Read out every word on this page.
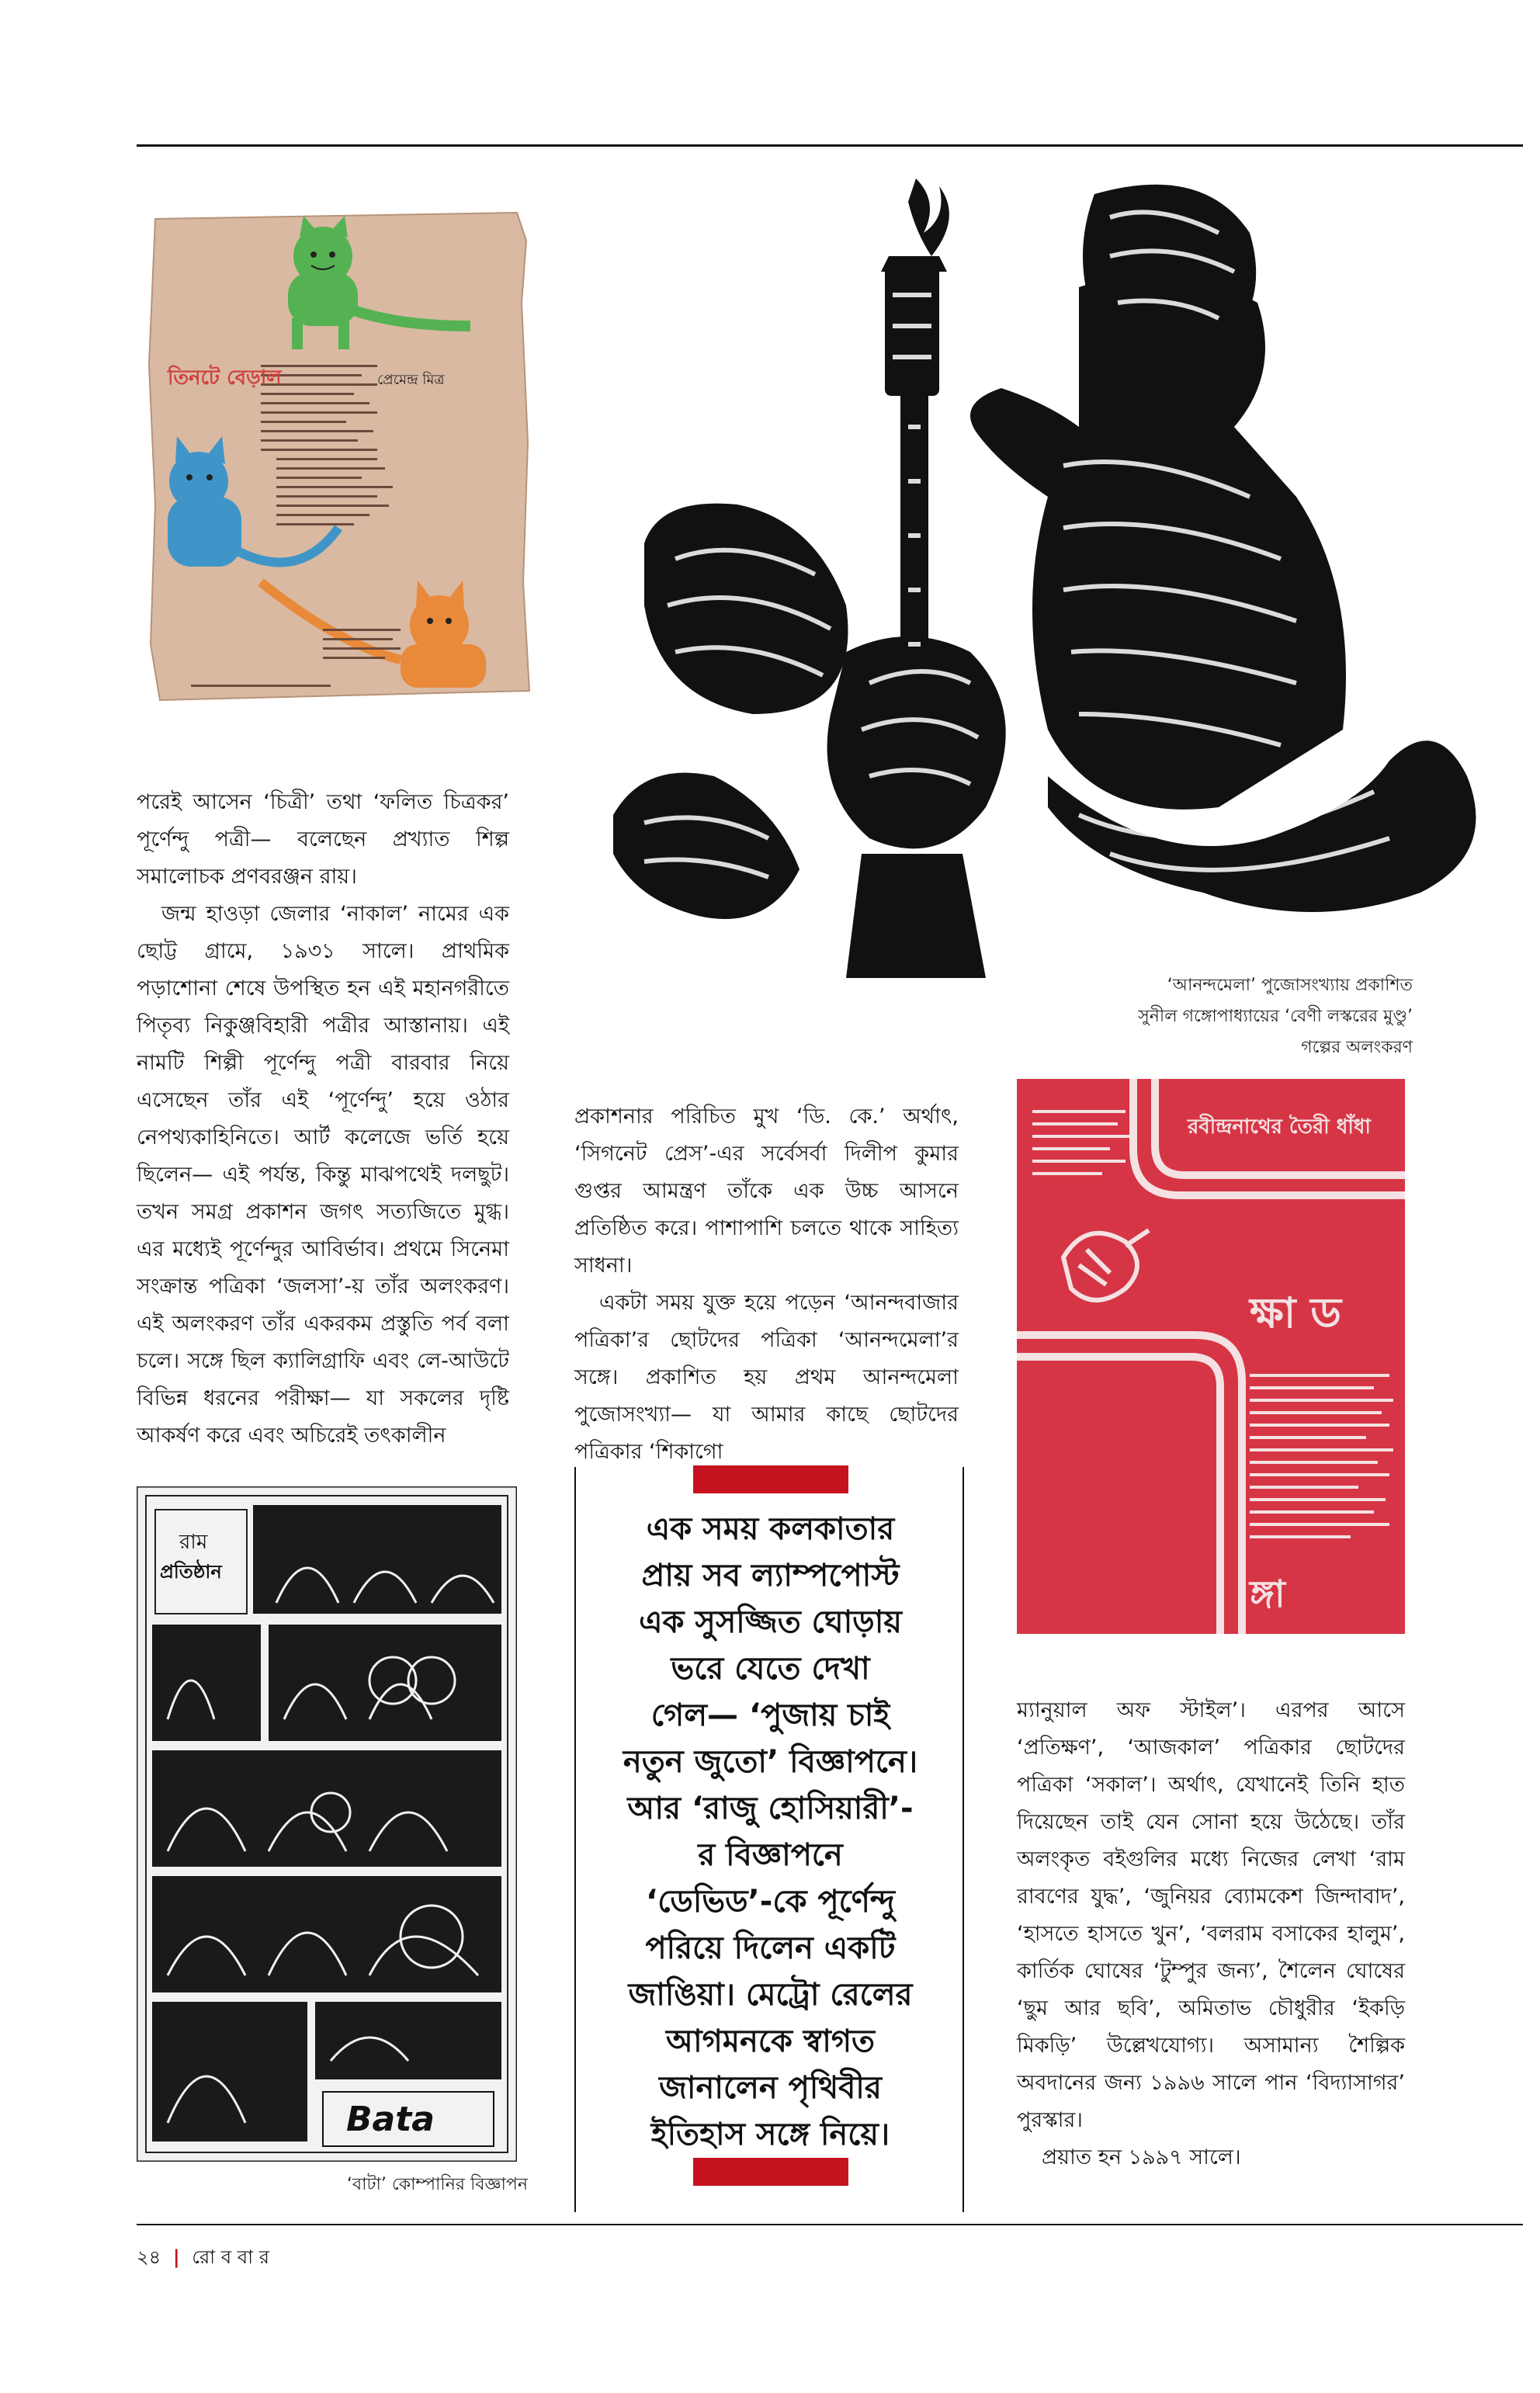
তিনটে বেড়াল	প্রেমেন্দ্র মিত্র
‘আনন্দমেলা’ পুজোসংখ্যায় প্রকাশিত
সুনীল গঙ্গোপাধ্যায়ের ‘বেণী লস্করের মুণ্ডু’
গল্পের অলংকরণ

পরেই আসেন ‘চিত্রী’ তথা ‘ফলিত চিত্রকর’ পূর্ণেন্দু পত্রী— বলেছেন প্রখ্যাত শিল্প সমালোচক প্রণবরঞ্জন রায়।

জন্ম হাওড়া জেলার ‘নাকাল’ নামের এক ছোট্ট গ্রামে, ১৯৩১ সালে। প্রাথমিক পড়াশোনা শেষে উপস্থিত হন এই মহানগরীতে পিতৃব্য নিকুঞ্জবিহারী পত্রীর আস্তানায়। এই নামটি শিল্পী পূর্ণেন্দু পত্রী বারবার নিয়ে এসেছেন তাঁর এই ‘পূর্ণেন্দু’ হয়ে ওঠার নেপথ্যকাহিনিতে। আর্ট কলেজে ভর্তি হয়ে ছিলেন— এই পর্যন্ত, কিন্তু মাঝপথেই দলছুট। তখন সমগ্র প্রকাশন জগৎ সত্যজিতে মুগ্ধ। এর মধ্যেই পূর্ণেন্দুর আবির্ভাব। প্রথমে সিনেমা সংক্রান্ত পত্রিকা ‘জলসা’-য় তাঁর অলংকরণ। এই অলংকরণ তাঁর একরকম প্রস্তুতি পর্ব বলা চলে। সঙ্গে ছিল ক্যালিগ্রাফি এবং লে-আউটে বিভিন্ন ধরনের পরীক্ষা— যা সকলের দৃষ্টি আকর্ষণ করে এবং অচিরেই তৎকালীন

প্রকাশনার পরিচিত মুখ ‘ডি. কে.’ অর্থাৎ, ‘সিগনেট প্রেস’-এর সর্বেসর্বা দিলীপ কুমার গুপ্তর আমন্ত্রণ তাঁকে এক উচ্চ আসনে প্রতিষ্ঠিত করে। পাশাপাশি চলতে থাকে সাহিত্য সাধনা।

একটা সময় যুক্ত হয়ে পড়েন ‘আনন্দবাজার পত্রিকা’র ছোটদের পত্রিকা ‘আনন্দমেলা’র সঙ্গে। প্রকাশিত হয় প্রথম আনন্দমেলা পুজোসংখ্যা— যা আমার কাছে ছোটদের পত্রিকার ‘শিকাগো

রবীন্দ্রনাথের তৈরী ধাঁধা
ক্ষা ড
ঙ্গা
রাম
প্রতিষ্ঠান
Bata
‘বাটা’ কোম্পানির বিজ্ঞাপন
এক সময় কলকাতার
প্রায় সব ল্যাম্পপোস্ট
এক সুসজ্জিত ঘোড়ায়
ভরে যেতে দেখা
গেল— ‘পুজায় চাই
নতুন জুতো’ বিজ্ঞাপনে।
আর ‘রাজু হোসিয়ারী’-
র বিজ্ঞাপনে
‘ডেভিড’-কে পূর্ণেন্দু
পরিয়ে দিলেন একটি
জাঙিয়া। মেট্রো রেলের
আগমনকে স্বাগত
জানালেন পৃথিবীর
ইতিহাস সঙ্গে নিয়ে।

ম্যানুয়াল অফ স্টাইল’। এরপর আসে ‘প্রতিক্ষণ’, ‘আজকাল’ পত্রিকার ছোটদের পত্রিকা ‘সকাল’। অর্থাৎ, যেখানেই তিনি হাত দিয়েছেন তাই যেন সোনা হয়ে উঠেছে। তাঁর অলংকৃত বইগুলির মধ্যে নিজের লেখা ‘রাম রাবণের যুদ্ধ’, ‘জুনিয়র ব্যোমকেশ জিন্দাবাদ’, ‘হাসতে হাসতে খুন’, ‘বলরাম বসাকের হালুম’, কার্তিক ঘোষের ‘টুম্পুর জন্য’, শৈলেন ঘোষের ‘ছুম আর ছবি’, অমিতাভ চৌধুরীর ‘ইকড়ি মিকড়ি’ উল্লেখযোগ্য। অসামান্য শৈল্পিক অবদানের জন্য ১৯৯৬ সালে পান ‘বিদ্যাসাগর’ পুরস্কার।

প্রয়াত হন ১৯৯৭ সালে।

২৪ | রো ব বা র
